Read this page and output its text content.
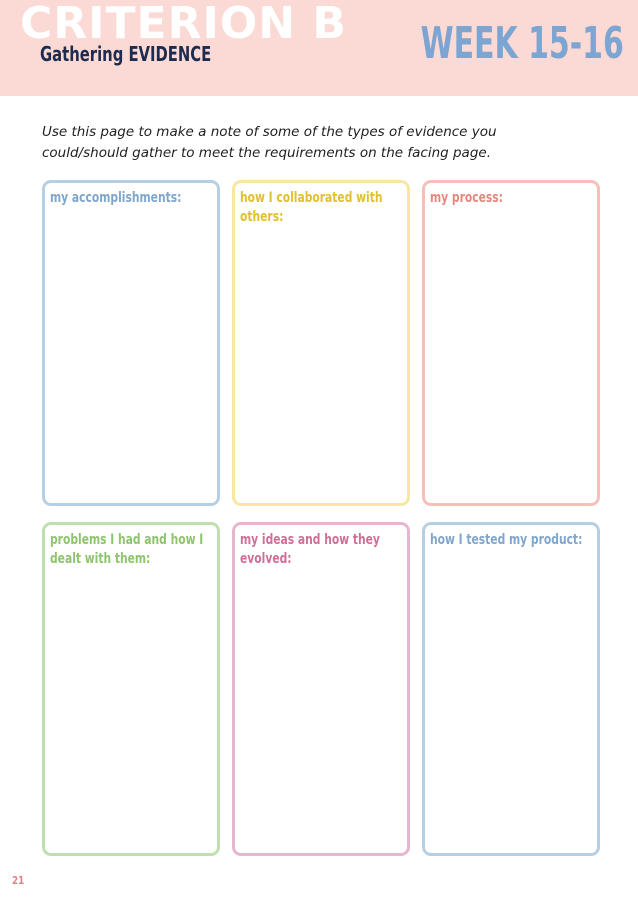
CRITERION B
Gathering EVIDENCE	WEEK 15-16

Use this page to make a note of some of the types of evidence you could/should gather to meet the requirements on the facing page.

my accomplishments:	how I collaborated with others:

my process:

problems I had and how I dealt with them:

my ideas and how they evolved:

how I tested my product:

21
